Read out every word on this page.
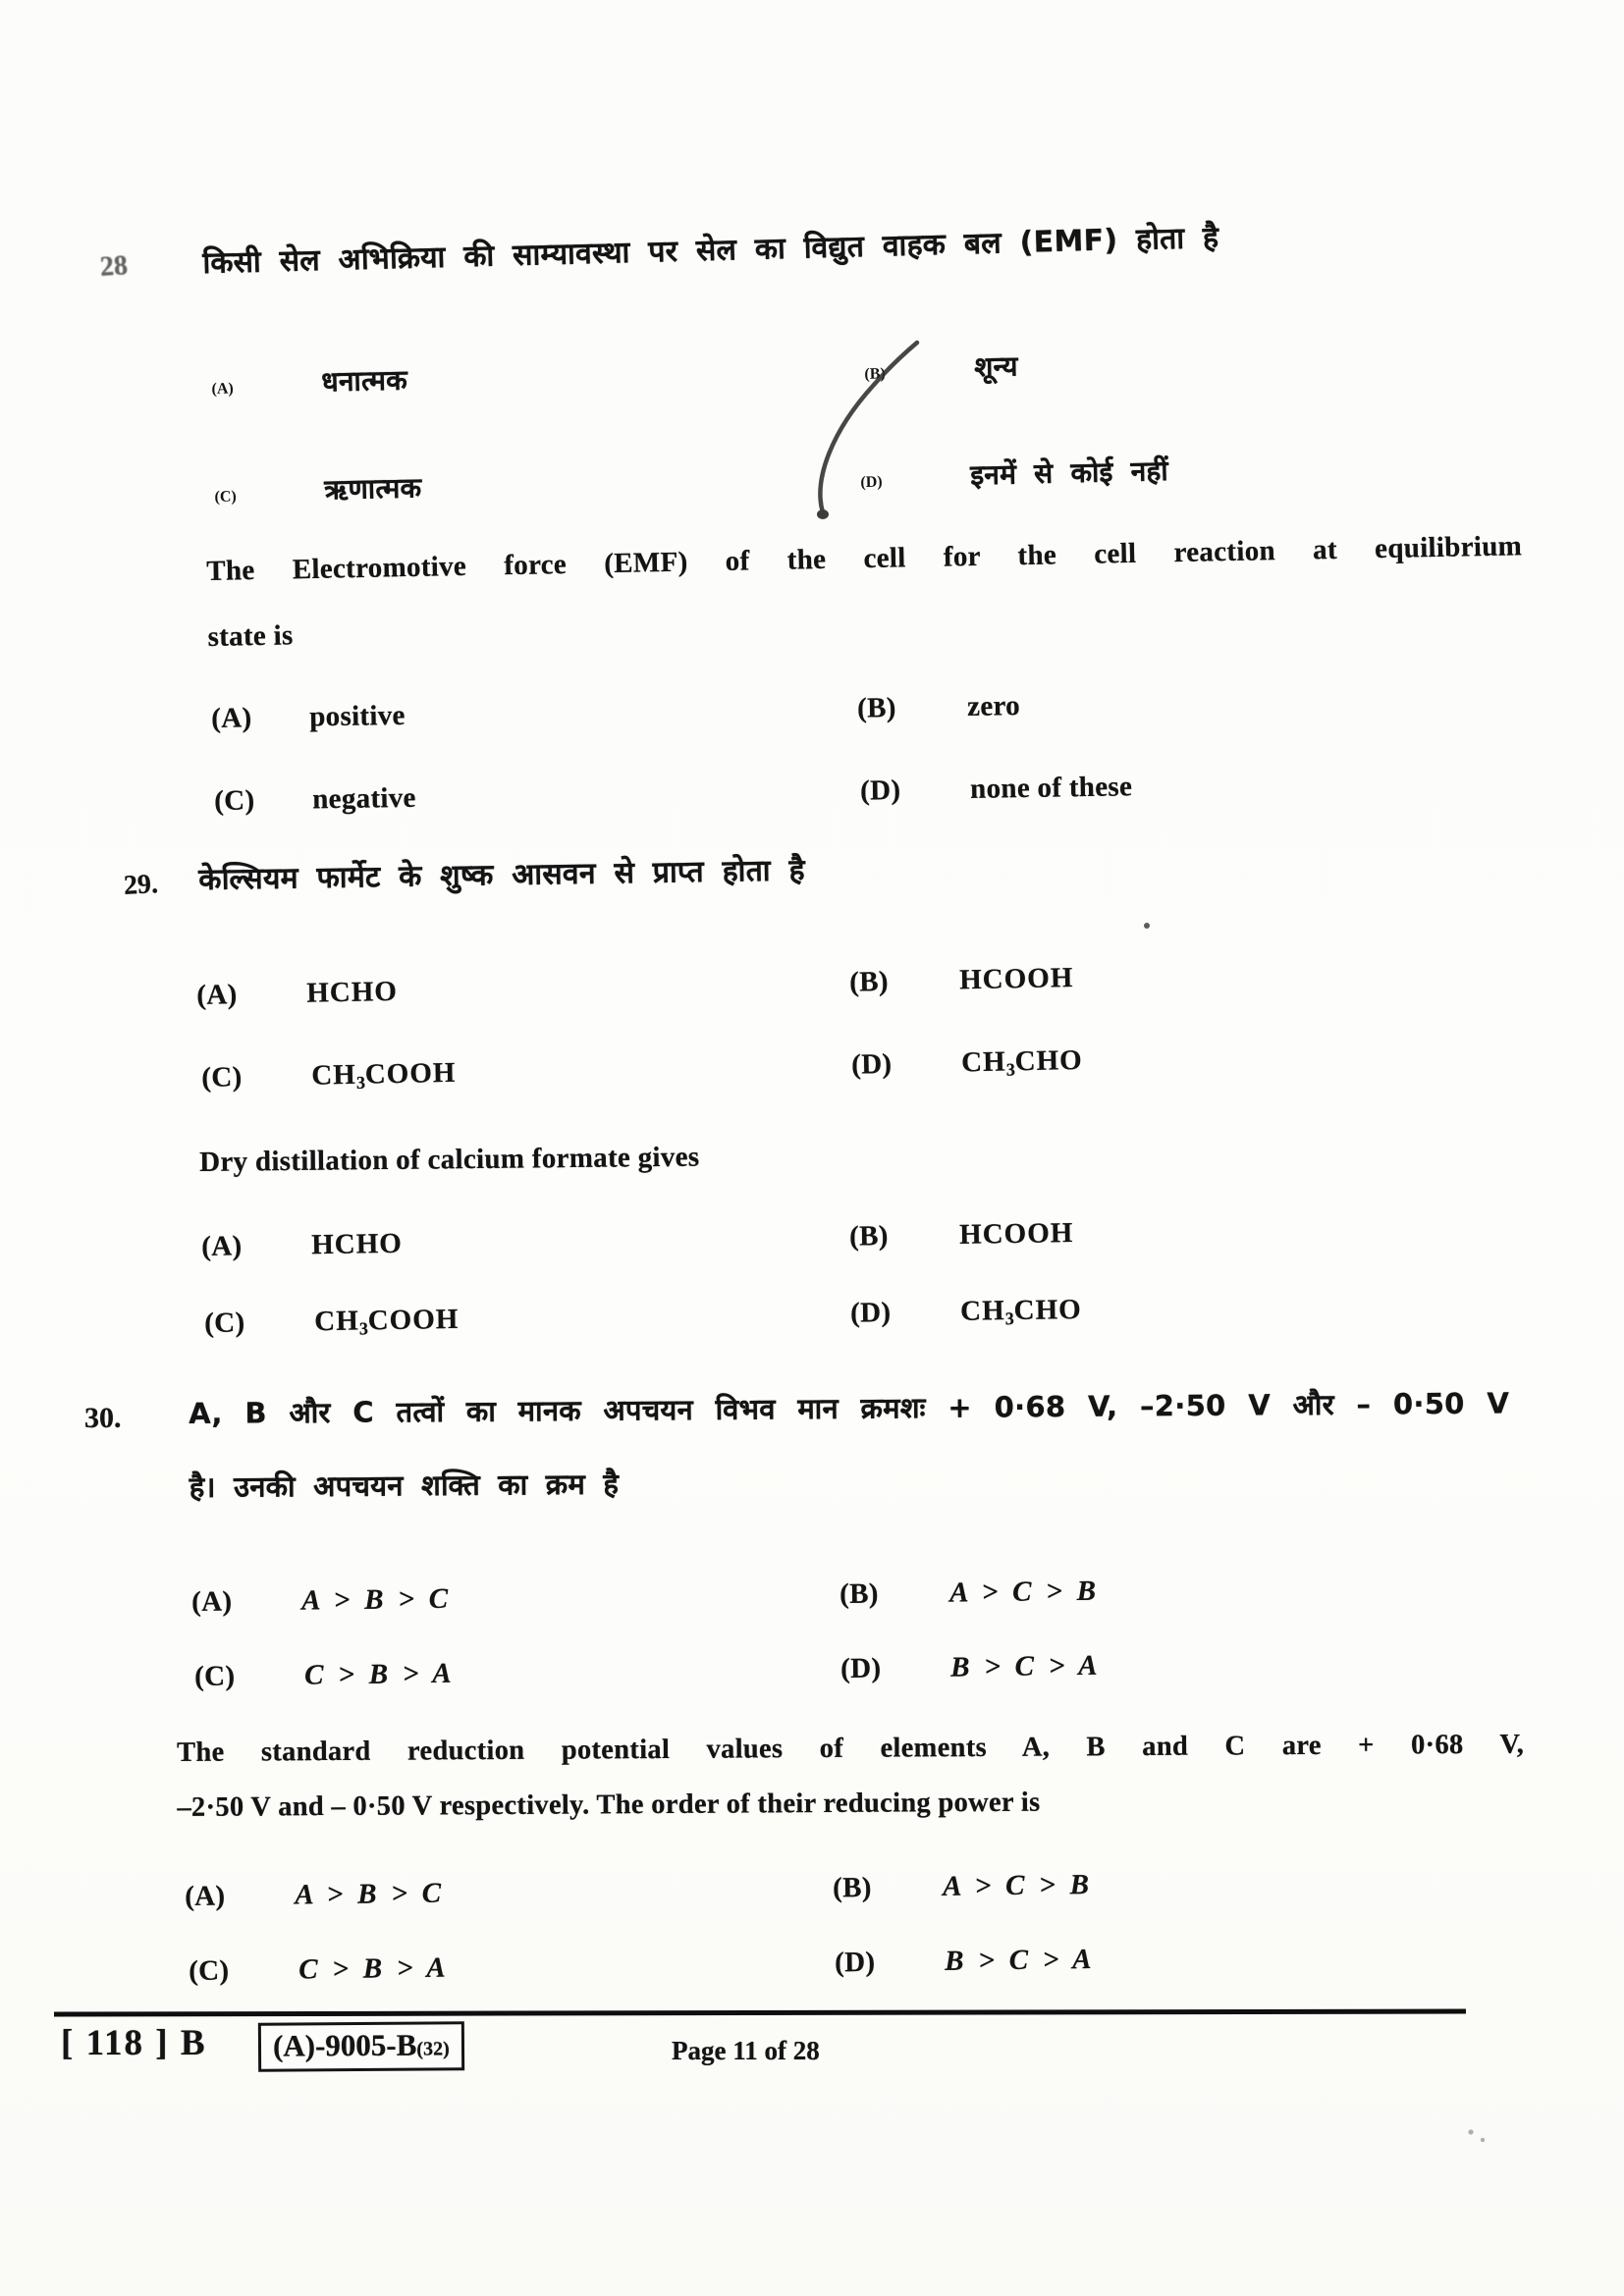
28	किसी सेल अभिक्रिया की साम्यावस्था पर सेल का विद्युत वाहक बल (EMF) होता है
(A)	धनात्मक	(B)	शून्य
(C)	ऋणात्मक	(D)	इनमें से कोई नहीं
The Electromotive force (EMF) of the cell for the cell reaction at equilibrium
state is
(A) positive	(B) zero
(C) negative	(D) none of these
29. केल्सियम फार्मेट के शुष्क आसवन से प्राप्त होता है
(A) HCHO	(B) HCOOH
(C) $CH_3COOH$	(D) $CH_3CHO$
Dry distillation of calcium formate gives
(A) HCHO	(B) HCOOH
(C) $CH_3COOH$	(D) $CH_3CHO$
30. A, B और C तत्वों का मानक अपचयन विभव मान क्रमशः + 0·68 V, –2·50 V और – 0·50 V
है। उनकी अपचयन शक्ति का क्रम है
(A) A > B > C	(B) A > C > B
(C) C > B > A	(D) B > C > A
The standard reduction potential values of elements A, B and C are + 0·68 V,
–2·50 V and – 0·50 V respectively. The order of their reducing power is
(A) A > B > C	(B) A > C > B
(C) C > B > A	(D) B > C > A
[ 118 ] B	(A)-9005-B(32)	Page 11 of 28
